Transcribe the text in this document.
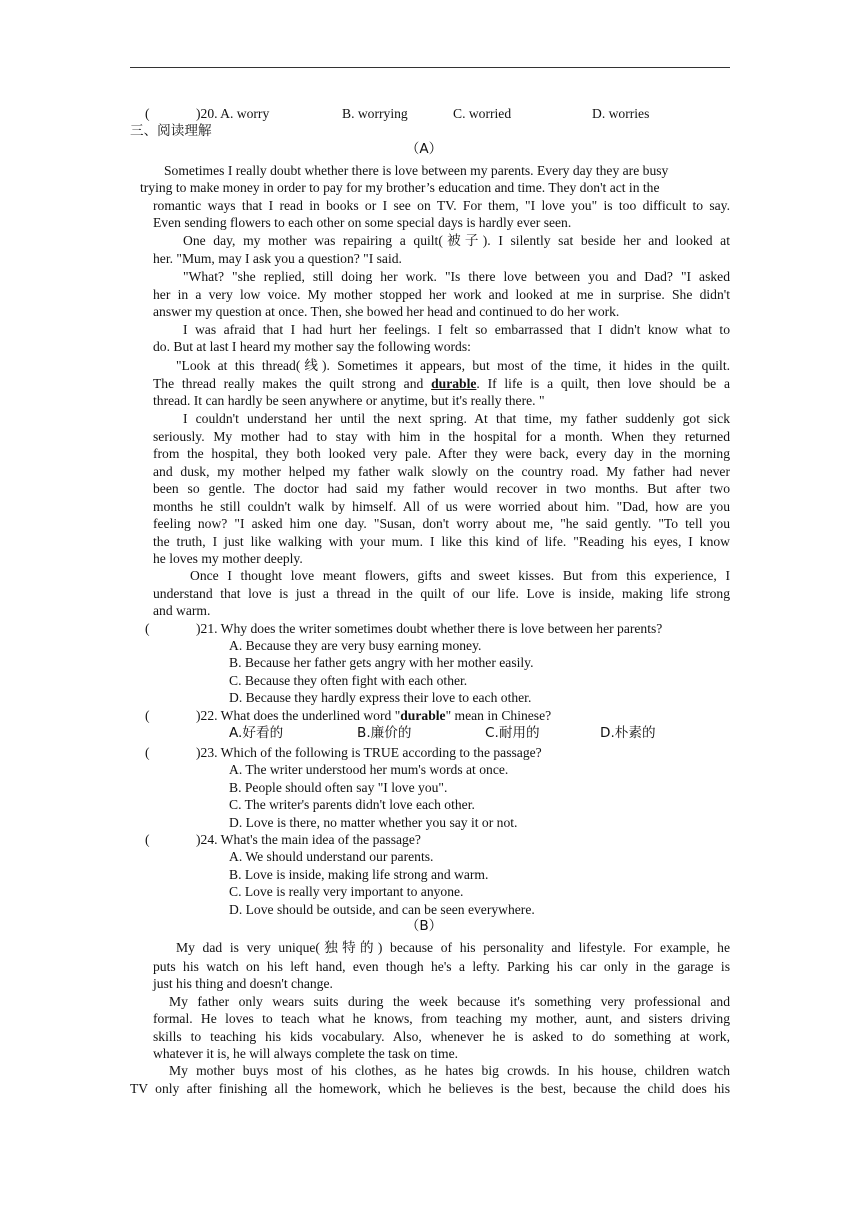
(	)20. A. worry	B. worrying	C. worried	D. worries
三、阅读理解
（A）
Sometimes I really doubt whether there is love between my parents. Every day they are busy
trying to make money in order to pay for my brother’s education and time. They don't act in the
romantic ways that I read in books or I see on TV. For them, "I love you" is too difficult to say.
Even sending flowers to each other on some special days is hardly ever seen.
One day, my mother was repairing a quilt(被子). I silently sat beside her and looked at
her. "Mum, may I ask you a question? "I said.
"What? "she replied, still doing her work. "Is there love between you and Dad? "I asked
her in a very low voice. My mother stopped her work and looked at me in surprise. She didn't
answer my question at once. Then, she bowed her head and continued to do her work.
I was afraid that I had hurt her feelings. I felt so embarrassed that I didn't know what to
do. But at last I heard my mother say the following words:
"Look at this thread(线). Sometimes it appears, but most of the time, it hides in the quilt.
The thread really makes the quilt strong and durable. If life is a quilt, then love should be a
thread. It can hardly be seen anywhere or anytime, but it's really there. "
I couldn't understand her until the next spring. At that time, my father suddenly got sick
seriously. My mother had to stay with him in the hospital for a month. When they returned
from the hospital, they both looked very pale. After they were back, every day in the morning
and dusk, my mother helped my father walk slowly on the country road. My father had never
been so gentle. The doctor had said my father would recover in two months. But after two
months he still couldn't walk by himself. All of us were worried about him. "Dad, how are you
feeling now? "I asked him one day. "Susan, don't worry about me, "he said gently. "To tell you
the truth, I just like walking with your mum. I like this kind of life. "Reading his eyes, I know
he loves my mother deeply.
Once I thought love meant flowers, gifts and sweet kisses. But from this experience, I
understand that love is just a thread in the quilt of our life. Love is inside, making life strong
and warm.
(	)21. Why does the writer sometimes doubt whether there is love between her parents?
A. Because they are very busy earning money.
B. Because her father gets angry with her mother easily.
C. Because they often fight with each other.
D. Because they hardly express their love to each other.
(	)22. What does the underlined word "durable" mean in Chinese?
A.好看的	B.廉价的	C.耐用的	D.朴素的
(	)23. Which of the following is TRUE according to the passage?
A. The writer understood her mum's words at once.
B. People should often say "I love you".
C. The writer's parents didn't love each other.
D. Love is there, no matter whether you say it or not.
(	)24. What's the main idea of the passage?
A. We should understand our parents.
B. Love is inside, making life strong and warm.
C. Love is really very important to anyone.
D. Love should be outside, and can be seen everywhere.
（B）
My dad is very unique(独特的) because of his personality and lifestyle. For example, he
puts his watch on his left hand, even though he's a lefty. Parking his car only in the garage is
just his thing and doesn't change.
My father only wears suits during the week because it's something very professional and
formal. He loves to teach what he knows, from teaching my mother, aunt, and sisters driving
skills to teaching his kids vocabulary. Also, whenever he is asked to do something at work,
whatever it is, he will always complete the task on time.
My mother buys most of his clothes, as he hates big crowds. In his house, children watch
TV only after finishing all the homework, which he believes is the best, because the child does his
